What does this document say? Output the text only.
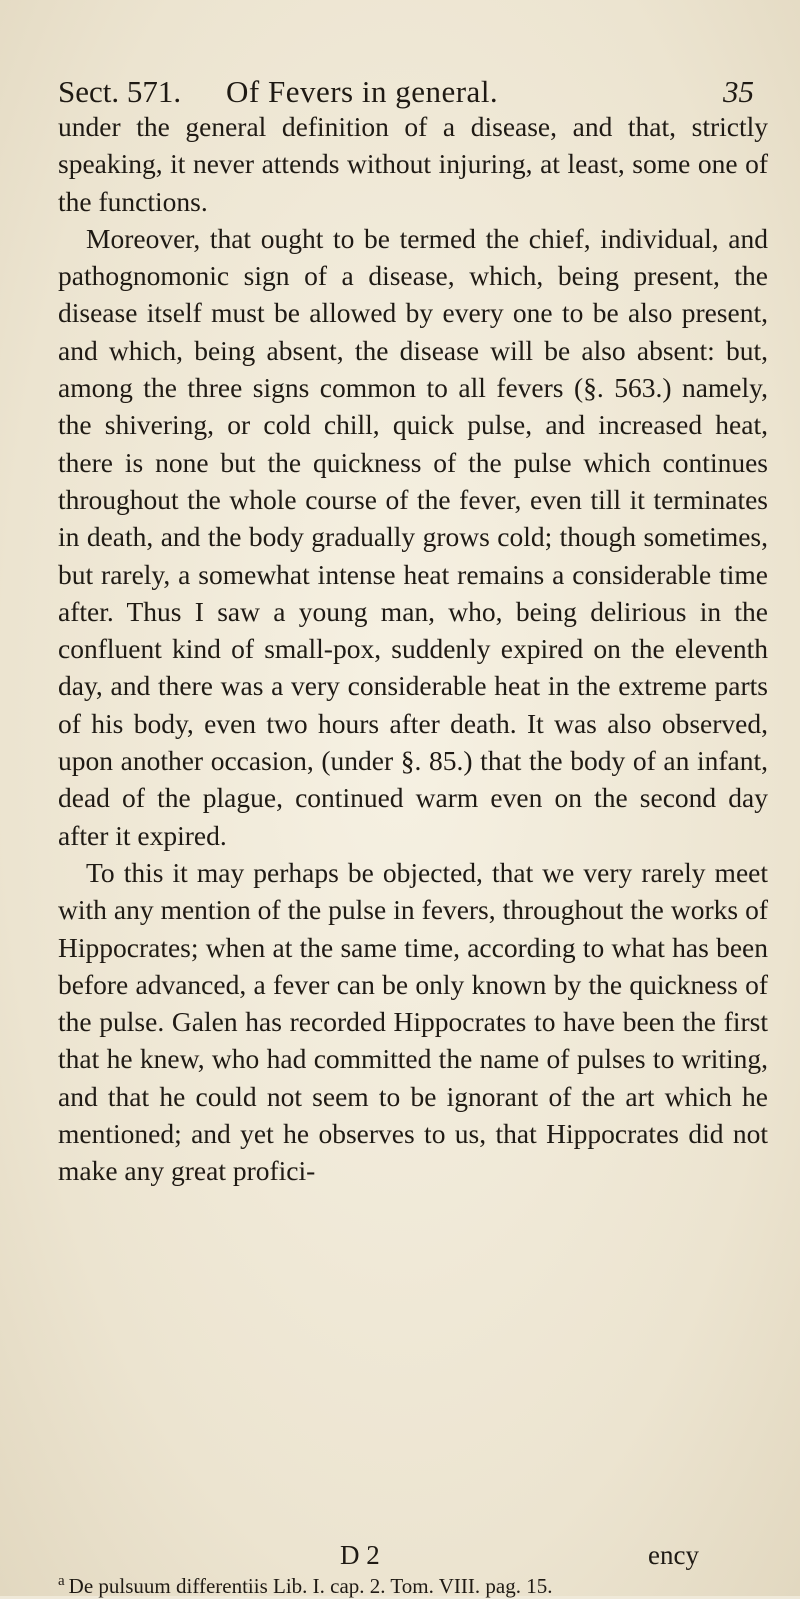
Sect. 571. Of Fevers in general.	35

under the general definition of a disease, and that, strictly speaking, it never attends without injuring, at least, some one of the functions.

Moreover, that ought to be termed the chief, individual, and pathognomonic sign of a disease, which, being present, the disease itself must be allowed by every one to be also present, and which, being absent, the disease will be also absent: but, among the three signs common to all fevers (§. 563.) namely, the shivering, or cold chill, quick pulse, and increased heat, there is none but the quickness of the pulse which continues throughout the whole course of the fever, even till it terminates in death, and the body gradually grows cold; though sometimes, but rarely, a somewhat intense heat remains a considerable time after. Thus I saw a young man, who, being delirious in the confluent kind of small-pox, suddenly expired on the eleventh day, and there was a very considerable heat in the extreme parts of his body, even two hours after death. It was also observed, upon another occasion, (under §. 85.) that the body of an infant, dead of the plague, continued warm even on the second day after it expired.

To this it may perhaps be objected, that we very rarely meet with any mention of the pulse in fevers, throughout the works of Hippocrates; when at the same time, according to what has been before advanced, a fever can be only known by the quickness of the pulse. Galen has recorded Hippocrates to have been the first that he knew, who had committed the name of pulses to writing, and that he could not seem to be ignorant of the art which he mentioned; and yet he observes to us, that Hippocrates did not make any great profici-

D 2	ency
$^a$ De pulsuum differentiis Lib. I. cap. 2. Tom. VIII. pag. 15.
